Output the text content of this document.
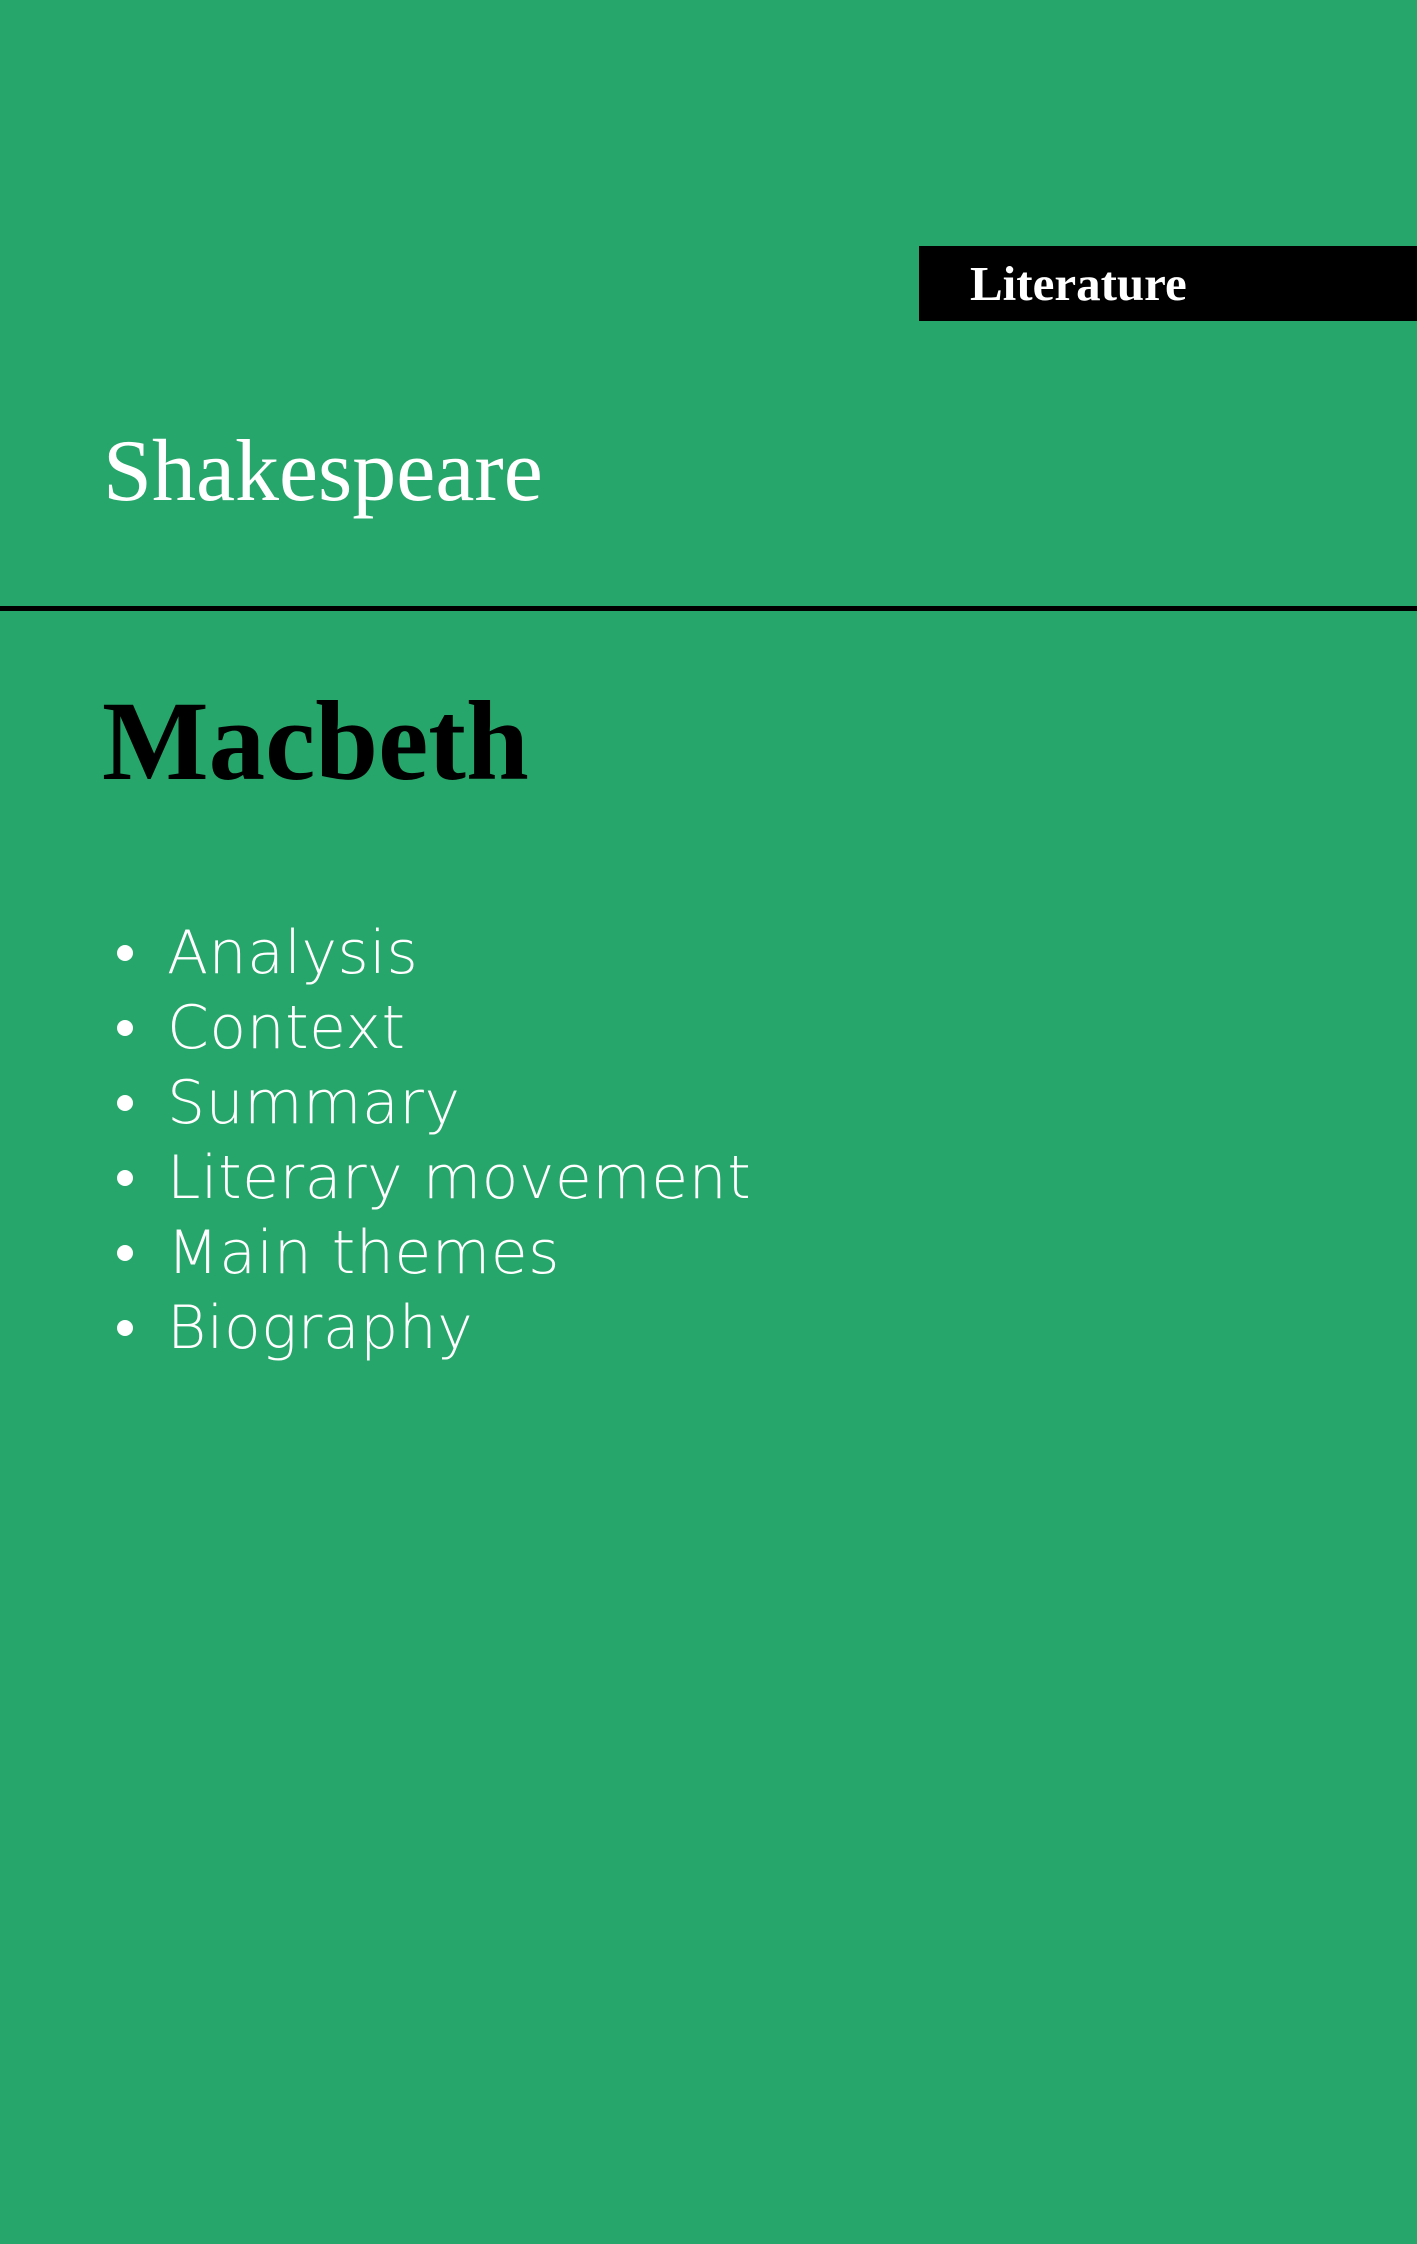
Literature
Shakespeare
Macbeth
Analysis
Context
Summary
Literary movement
Main themes
Biography
